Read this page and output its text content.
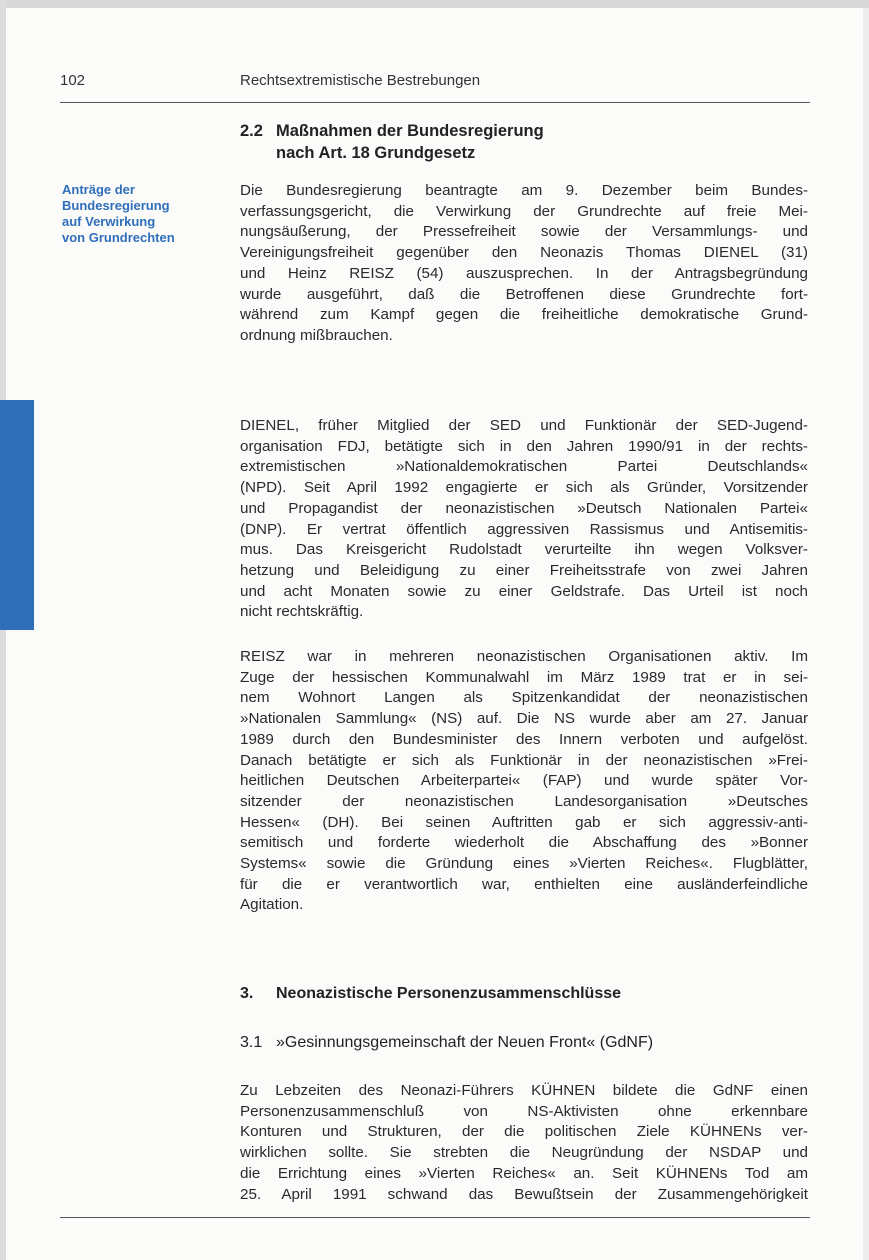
102	Rechtsextremistische Bestrebungen
2.2 Maßnahmen der Bundesregierung
nach Art. 18 Grundgesetz
Anträge der
Bundesregierung
auf Verwirkung
von Grundrechten
Die Bundesregierung beantragte am 9. Dezember beim Bundes-
verfassungsgericht, die Verwirkung der Grundrechte auf freie Mei-
nungsäußerung, der Pressefreiheit sowie der Versammlungs- und
Vereinigungsfreiheit gegenüber den Neonazis Thomas DIENEL (31)
und Heinz REISZ (54) auszusprechen. In der Antragsbegründung
wurde ausgeführt, daß die Betroffenen diese Grundrechte fort-
während zum Kampf gegen die freiheitliche demokratische Grund-
ordnung mißbrauchen.
DIENEL, früher Mitglied der SED und Funktionär der SED-Jugend-
organisation FDJ, betätigte sich in den Jahren 1990/91 in der rechts-
extremistischen »Nationaldemokratischen Partei Deutschlands«
(NPD). Seit April 1992 engagierte er sich als Gründer, Vorsitzender
und Propagandist der neonazistischen »Deutsch Nationalen Partei«
(DNP). Er vertrat öffentlich aggressiven Rassismus und Antisemitis-
mus. Das Kreisgericht Rudolstadt verurteilte ihn wegen Volksver-
hetzung und Beleidigung zu einer Freiheitsstrafe von zwei Jahren
und acht Monaten sowie zu einer Geldstrafe. Das Urteil ist noch
nicht rechtskräftig.
REISZ war in mehreren neonazistischen Organisationen aktiv. Im
Zuge der hessischen Kommunalwahl im März 1989 trat er in sei-
nem Wohnort Langen als Spitzenkandidat der neonazistischen
»Nationalen Sammlung« (NS) auf. Die NS wurde aber am 27. Januar
1989 durch den Bundesminister des Innern verboten und aufgelöst.
Danach betätigte er sich als Funktionär in der neonazistischen »Frei-
heitlichen Deutschen Arbeiterpartei« (FAP) und wurde später Vor-
sitzender der neonazistischen Landesorganisation »Deutsches
Hessen« (DH). Bei seinen Auftritten gab er sich aggressiv-anti-
semitisch und forderte wiederholt die Abschaffung des »Bonner
Systems« sowie die Gründung eines »Vierten Reiches«. Flugblätter,
für die er verantwortlich war, enthielten eine ausländerfeindliche
Agitation.
3. Neonazistische Personenzusammenschlüsse
3.1 »Gesinnungsgemeinschaft der Neuen Front« (GdNF)
Zu Lebzeiten des Neonazi-Führers KÜHNEN bildete die GdNF einen
Personenzusammenschluß von NS-Aktivisten ohne erkennbare
Konturen und Strukturen, der die politischen Ziele KÜHNENs ver-
wirklichen sollte. Sie strebten die Neugründung der NSDAP und
die Errichtung eines »Vierten Reiches« an. Seit KÜHNENs Tod am
25. April 1991 schwand das Bewußtsein der Zusammengehörigkeit
